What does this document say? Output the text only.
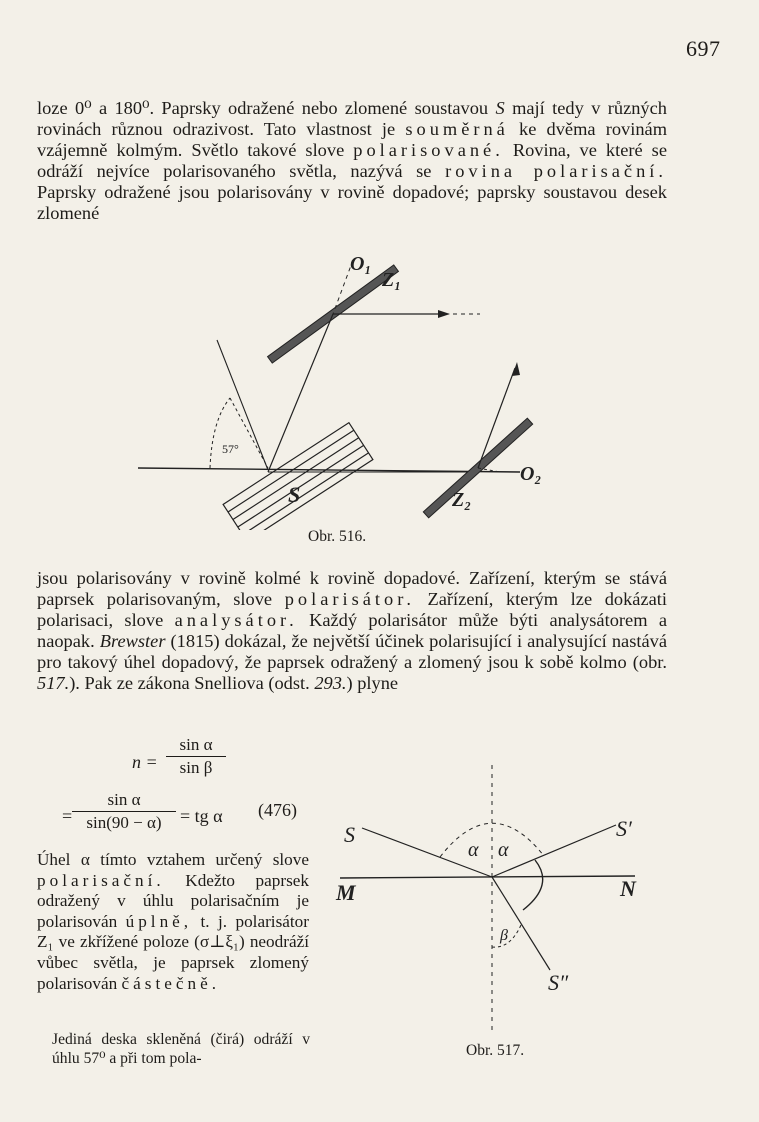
697

loze 0⁰ a 180⁰. Paprsky odražené nebo zlomené soustavou S mají tedy v různých rovinách různou odrazivost. Tato vlastnost je souměrná ke dvěma rovinám vzájemně kolmým. Světlo takové slove polarisované. Rovina, ve které se odráží nejvíce polarisovaného světla, nazývá se rovina polarisační. Paprsky odražené jsou polarisovány v rovině dopadové; paprsky soustavou desek zlomené

O₁
Z₁
S
57°
O₂
Z₂
Obr. 516.

jsou polarisovány v rovině kolmé k rovině dopadové. Zařízení, kterým se stává paprsek polarisovaným, slove polarisátor. Zařízení, kterým lze dokázati polarisaci, slove analysátor. Každý polarisátor může býti analysátorem a naopak. Brewster (1815) dokázal, že největší účinek polarisující i analysující nastává pro takový úhel dopadový, že paprsek odražený a zlomený jsou k sobě kolmo (obr. 517.). Pak ze zákona Snelliova (odst. 293.) plyne

$n = \frac{\text{sin α}}{\text{sin β}}$
= $\frac{\text{sin α}}{\sin(90 - \alpha)}$ = tg α (476)

Úhel α tímto vztahem určený slove polarisační. Kdežto paprsek odražený v úhlu polarisačním je polarisován úplně, t. j. polarisátor Z₁ ve zkřížené poloze (σ⊥ξ₁) neodráží vůbec světla, je paprsek zlomený polarisován částečně.

Jediná deska skleněná (čirá) odráží v úhlu 57⁰ a při tom pola-

S	S′
M	N
α α
β
S″
Obr. 517.
